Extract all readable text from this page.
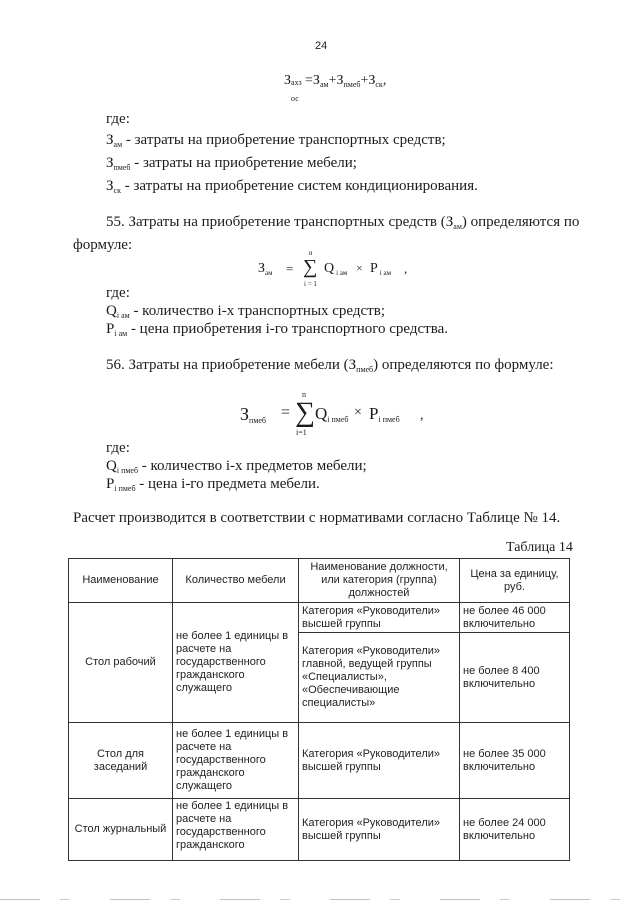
24
З ахз
ос
$=З_{ам}+З_{пмеб}+З_{ск}$,
где:
$З_{ам}$ - затраты на приобретение транспортных средств;
$З_{пмеб}$ - затраты на приобретение мебели;
$З_{ск}$ - затраты на приобретение систем кондиционирования.
55. Затраты на приобретение транспортных средств $(З_{ам})$ определяются по
формуле:
$З_{ам}$ =
n
∑
i = 1
Q $_{i ам}$ × P $_{i ам}$ ,
где:
$Q_{i ам}$ - количество i-х транспортных средств;
$P_{i ам}$ - цена приобретения i-го транспортного средства.
56. Затраты на приобретение мебели $(З_{пмеб})$ определяются по формуле:
$З_{пмеб}$ =
n
∑
i=1
$Q_{i пмеб} \times P_{i пмеб}$ ,
где:
$Q_{i пмеб}$ - количество i-х предметов мебели;
$P_{i пмеб}$ - цена i-го предмета мебели.
Расчет производится в соответствии с нормативами согласно Таблице № 14.
Таблица 14
Наименование	Количество мебели	Наименование должности, или категория (группа) должностей	Цена за единицу, руб.
Стол рабочий	не более 1 единицы в расчете на государственного гражданского служащего	Категория «Руководители» высшей группы	не более 46 000 включительно
		Категория «Руководители» главной, ведущей группы «Специалисты», «Обеспечивающие специалисты»	не более 8 400 включительно
Стол для заседаний	не более 1 единицы в расчете на государственного гражданского служащего	Категория «Руководители» высшей группы	не более 35 000 включительно
Стол журнальный	не более 1 единицы в расчете на государственного гражданского	Категория «Руководители» высшей группы	не более 24 000 включительно
